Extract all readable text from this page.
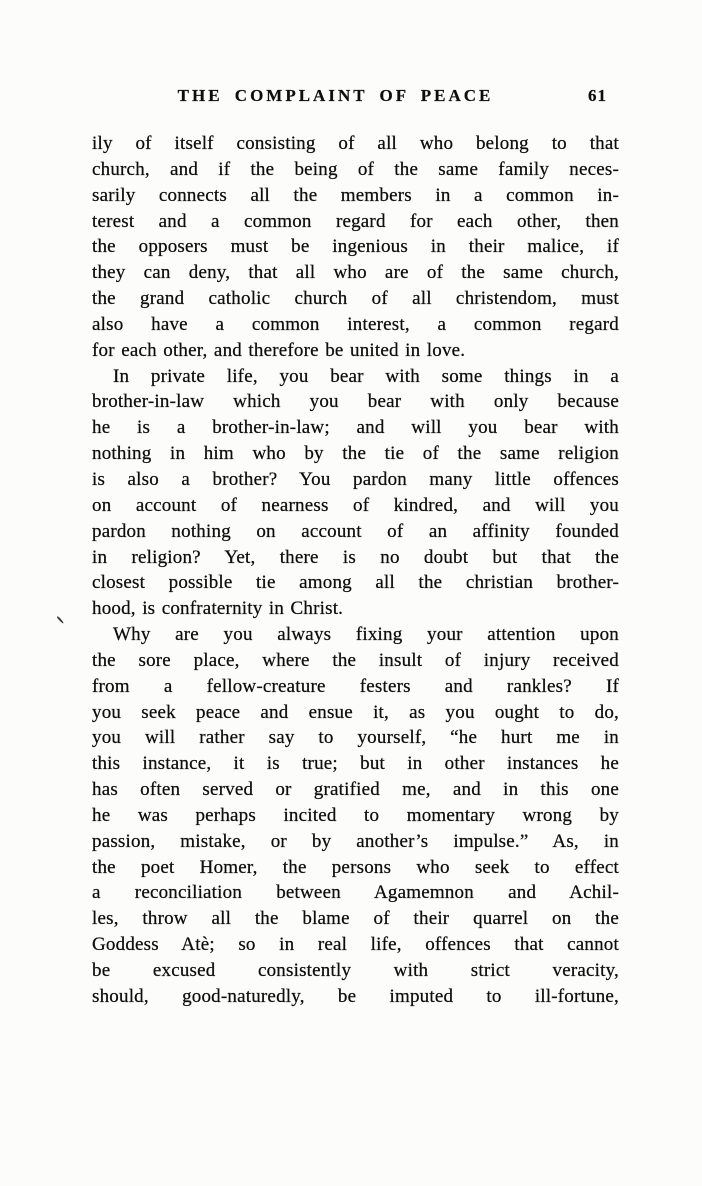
THE COMPLAINT OF PEACE	61
ily of itself consisting of all who belong to that
church, and if the being of the same family neces-
sarily connects all the members in a common in-
terest and a common regard for each other, then
the opposers must be ingenious in their malice, if
they can deny, that all who are of the same church,
the grand catholic church of all christendom, must
also have a common interest, a common regard
for each other, and therefore be united in love.
In private life, you bear with some things in a
brother-in-law which you bear with only because
he is a brother-in-law; and will you bear with
nothing in him who by the tie of the same religion
is also a brother? You pardon many little offences
on account of nearness of kindred, and will you
pardon nothing on account of an affinity founded
in religion? Yet, there is no doubt but that the
closest possible tie among all the christian brother-
hood, is confraternity in Christ.
Why are you always fixing your attention upon
the sore place, where the insult of injury received
from a fellow-creature festers and rankles? If
you seek peace and ensue it, as you ought to do,
you will rather say to yourself, “he hurt me in
this instance, it is true; but in other instances he
has often served or gratified me, and in this one
he was perhaps incited to momentary wrong by
passion, mistake, or by another’s impulse.” As, in
the poet Homer, the persons who seek to effect
a reconciliation between Agamemnon and Achil-
les, throw all the blame of their quarrel on the
Goddess Atè; so in real life, offences that cannot
be excused consistently with strict veracity,
should, good-naturedly, be imputed to ill-fortune,
